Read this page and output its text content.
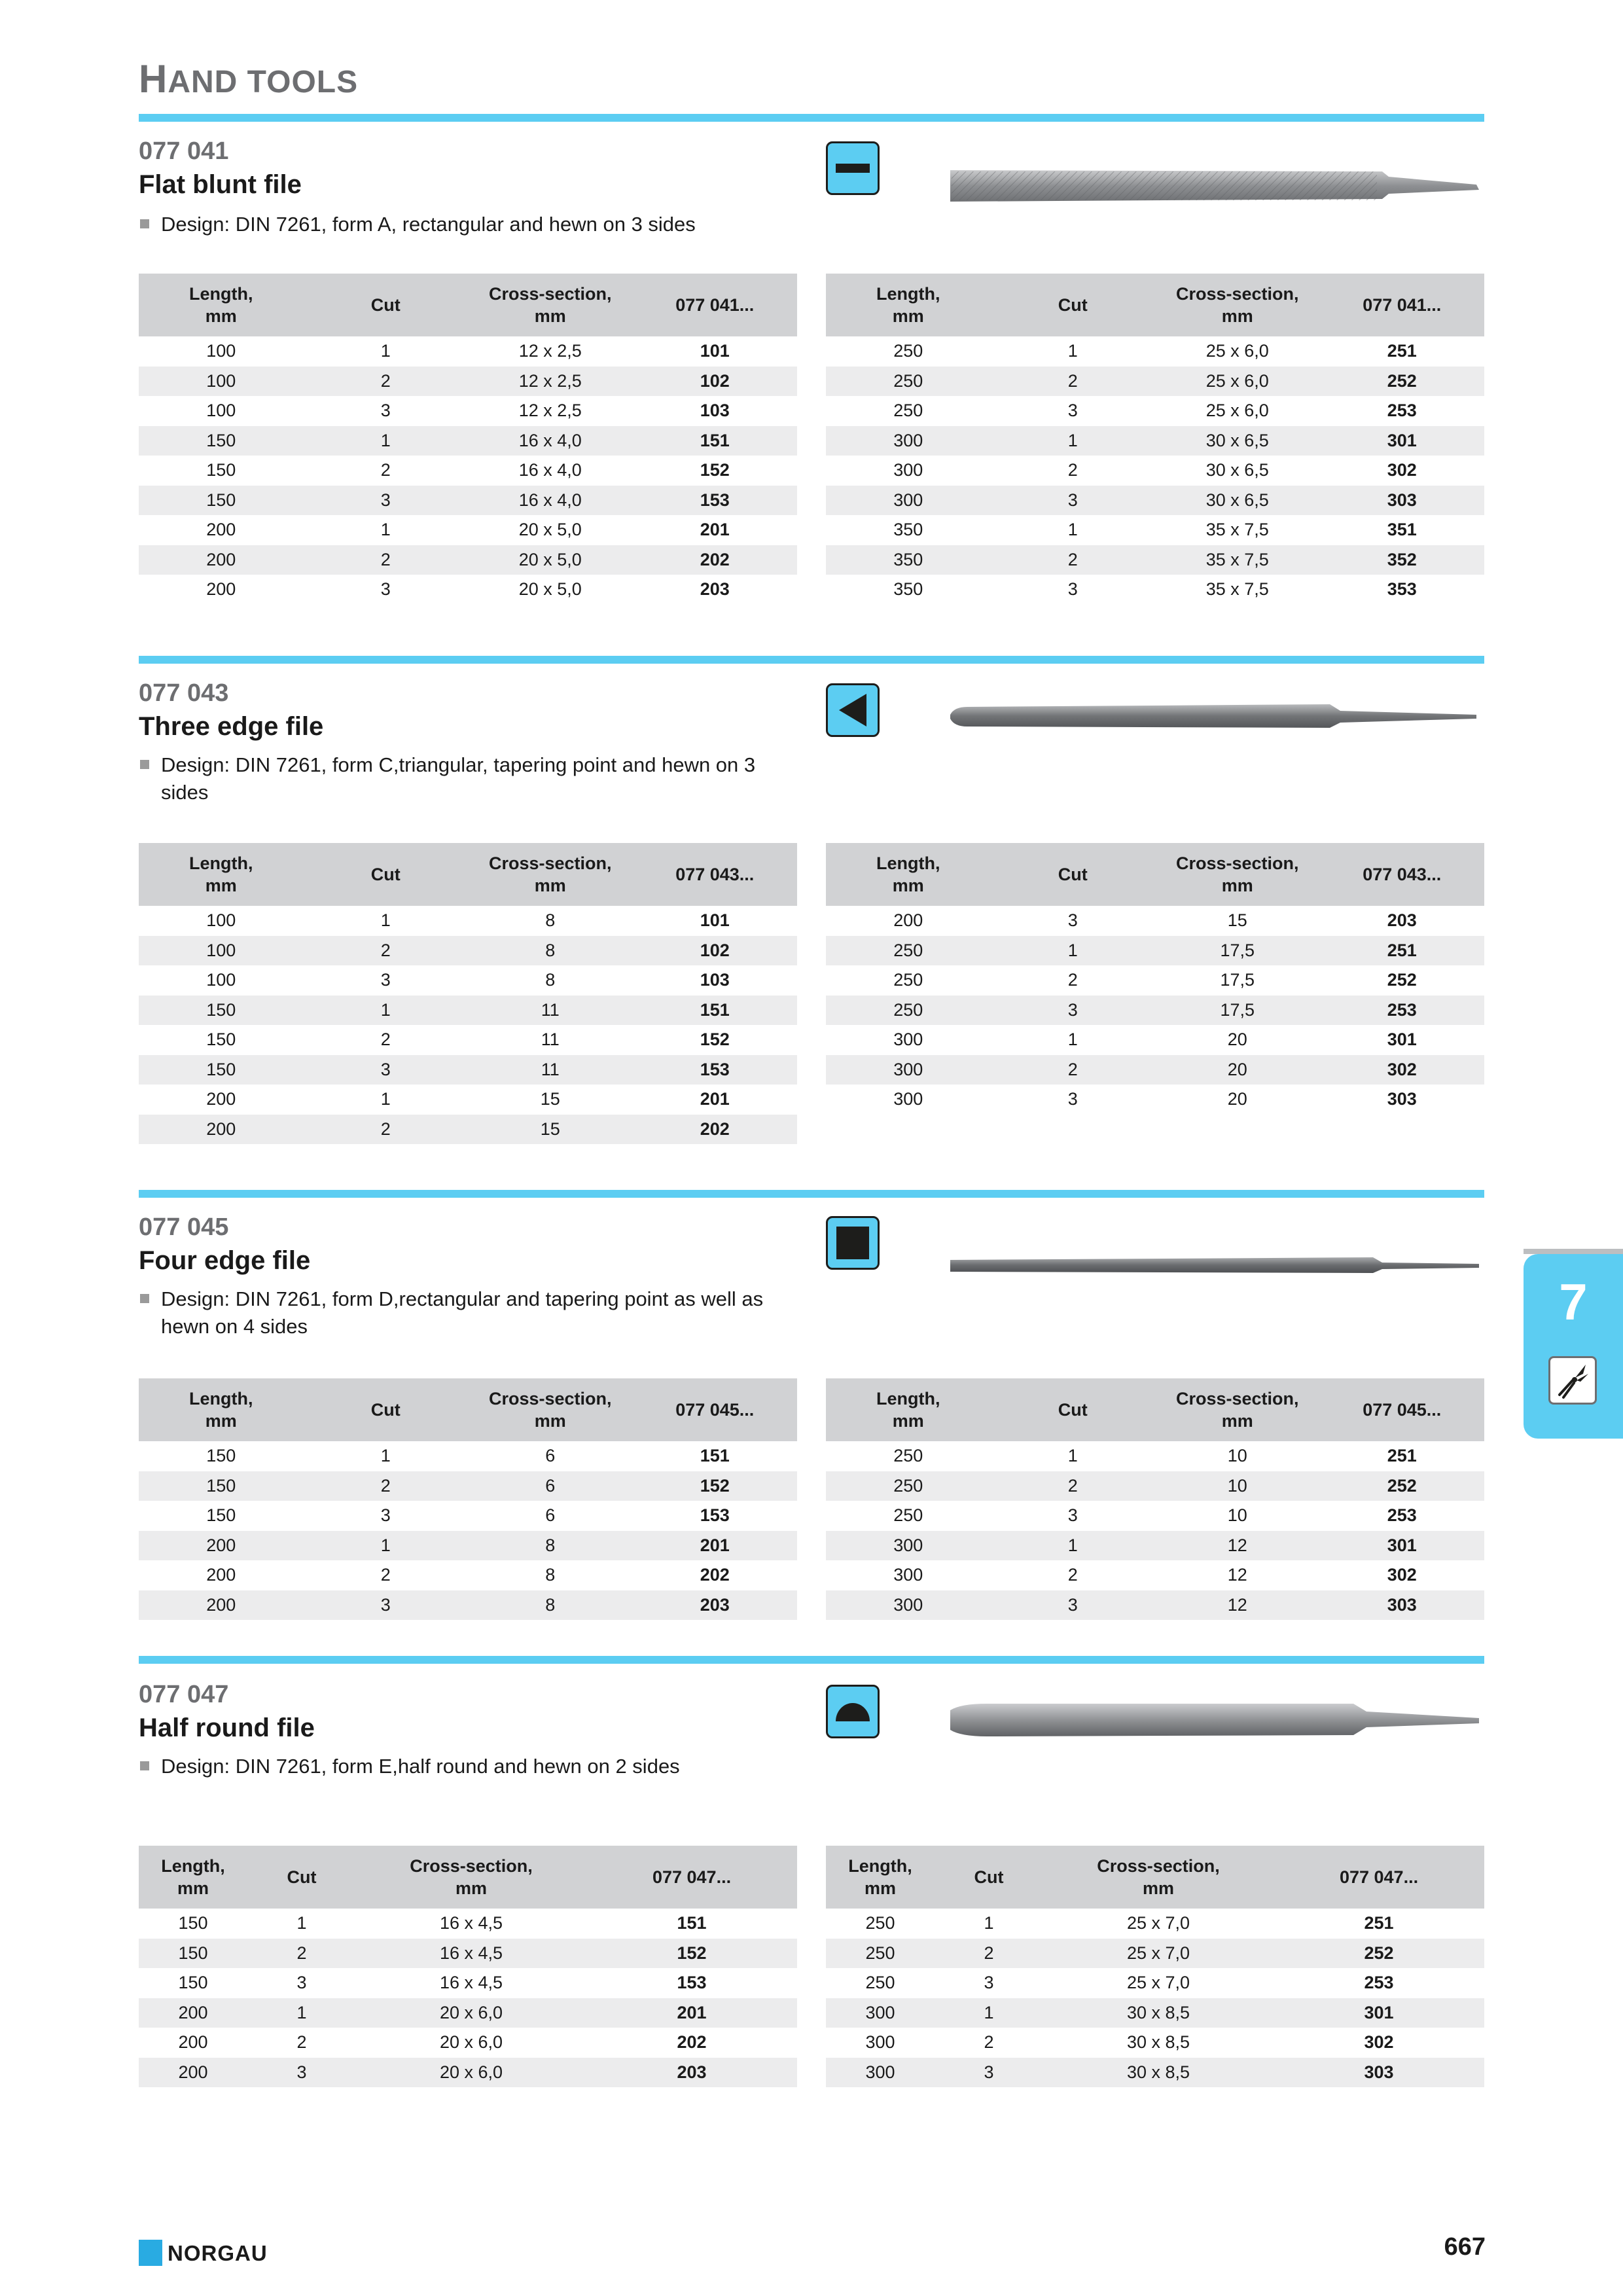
HAND TOOLS
077 041
Flat blunt file
Design: DIN 7261, form A, rectangular and hewn on 3 sides
Length,
mm	Cut	Cross-section,
mm	077 041...
100	1	12 x 2,5	101
100	2	12 x 2,5	102
100	3	12 x 2,5	103
150	1	16 x 4,0	151
150	2	16 x 4,0	152
150	3	16 x 4,0	153
200	1	20 x 5,0	201
200	2	20 x 5,0	202
200	3	20 x 5,0	203
Length,
mm	Cut	Cross-section,
mm	077 041...
250	1	25 x 6,0	251
250	2	25 x 6,0	252
250	3	25 x 6,0	253
300	1	30 x 6,5	301
300	2	30 x 6,5	302
300	3	30 x 6,5	303
350	1	35 x 7,5	351
350	2	35 x 7,5	352
350	3	35 x 7,5	353
077 043
Three edge file
Design: DIN 7261, form C,triangular, tapering point and hewn on 3 sides
Length,
mm	Cut	Cross-section,
mm	077 043...
100	1	8	101
100	2	8	102
100	3	8	103
150	1	11	151
150	2	11	152
150	3	11	153
200	1	15	201
200	2	15	202
Length,
mm	Cut	Cross-section,
mm	077 043...
200	3	15	203
250	1	17,5	251
250	2	17,5	252
250	3	17,5	253
300	1	20	301
300	2	20	302
300	3	20	303
077 045
Four edge file
Design: DIN 7261, form D,rectangular and tapering point as well as hewn on 4 sides
Length,
mm	Cut	Cross-section,
mm	077 045...
150	1	6	151
150	2	6	152
150	3	6	153
200	1	8	201
200	2	8	202
200	3	8	203
Length,
mm	Cut	Cross-section,
mm	077 045...
250	1	10	251
250	2	10	252
250	3	10	253
300	1	12	301
300	2	12	302
300	3	12	303
077 047
Half round file
Design: DIN 7261, form E,half round and hewn on 2 sides
Length,
mm	Cut	Cross-section,
mm	077 047...
150	1	16 x 4,5	151
150	2	16 x 4,5	152
150	3	16 x 4,5	153
200	1	20 x 6,0	201
200	2	20 x 6,0	202
200	3	20 x 6,0	203
Length,
mm	Cut	Cross-section,
mm	077 047...
250	1	25 x 7,0	251
250	2	25 x 7,0	252
250	3	25 x 7,0	253
300	1	30 x 8,5	301
300	2	30 x 8,5	302
300	3	30 x 8,5	303
7
NORGAU	667
